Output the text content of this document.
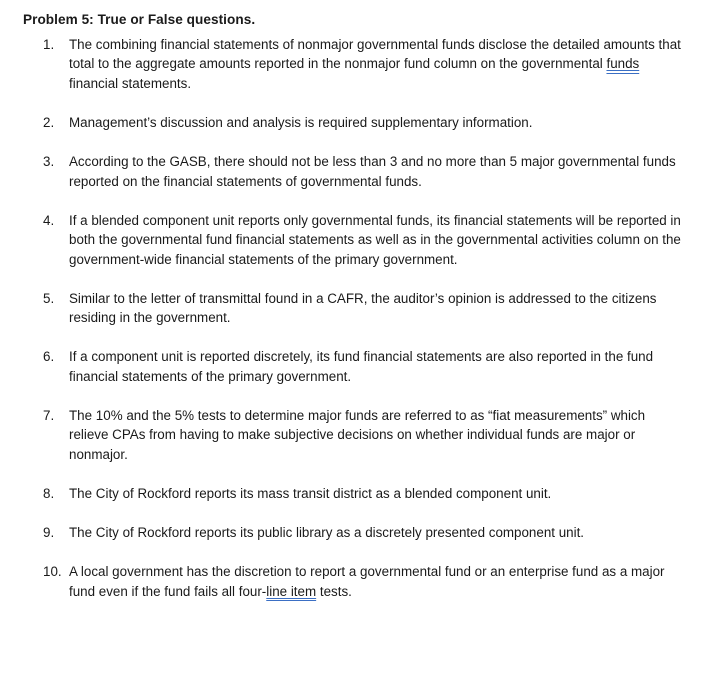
Problem 5: True or False questions.
1.	The combining financial statements of nonmajor governmental funds disclose the detailed amounts that total to the aggregate amounts reported in the nonmajor fund column on the governmental funds financial statements.
2.	Management’s discussion and analysis is required supplementary information.
3.	According to the GASB, there should not be less than 3 and no more than 5 major governmental funds reported on the financial statements of governmental funds.
4.	If a blended component unit reports only governmental funds, its financial statements will be reported in both the governmental fund financial statements as well as in the governmental activities column on the government-wide financial statements of the primary government.
5.	Similar to the letter of transmittal found in a CAFR, the auditor’s opinion is addressed to the citizens residing in the government.
6.	If a component unit is reported discretely, its fund financial statements are also reported in the fund financial statements of the primary government.
7.	The 10% and the 5% tests to determine major funds are referred to as “fiat measurements” which relieve CPAs from having to make subjective decisions on whether individual funds are major or nonmajor.
8.	The City of Rockford reports its mass transit district as a blended component unit.
9.	The City of Rockford reports its public library as a discretely presented component unit.
10. A local government has the discretion to report a governmental fund or an enterprise fund as a major fund even if the fund fails all four-line item tests.
